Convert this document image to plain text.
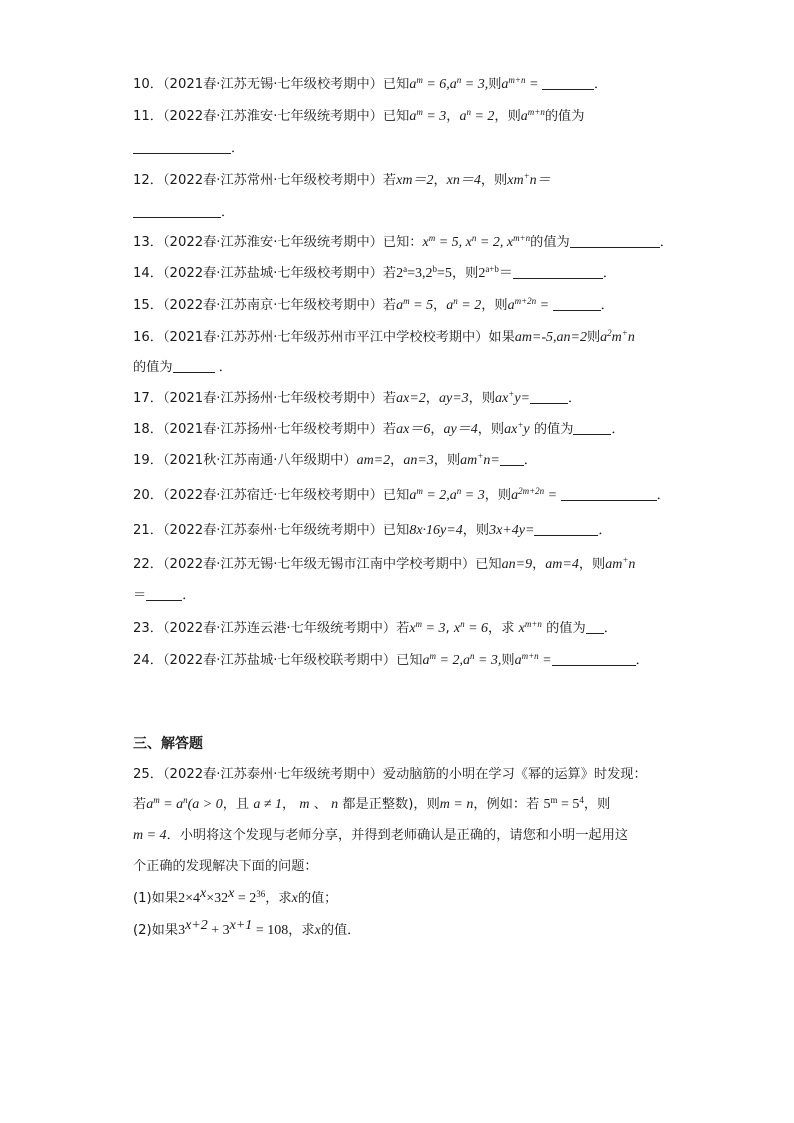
10．（2021春·江苏无锡·七年级校考期中）已知$a^m = 6,a^n = 3$,则$a^{m+n}$ =	．
11．（2022春·江苏淮安·七年级统考期中）已知$a^m = 3$，$a^n = 2$，则$a^{m+n}$的值为
．
12．（2022春·江苏常州·七年级校考期中）若xm＝2，xn＝4，则xm+n＝
．
13．（2022春·江苏淮安·七年级统考期中）已知：$x^m = 5$, $x^n = 2$, $x^{m+n}$的值为	．
14．（2022春·江苏盐城·七年级校考期中）若$2^a=3,2^b=5$，则$2^{a+b}=$	．
15．（2022春·江苏南京·七年级校考期中）若$a^m = 5$，$a^n = 2$，则$a^{m+2n}$ =	．
16．（2021春·江苏苏州·七年级苏州市平江中学校校考期中）如果am=-5,an=2则$a^2m^+n$
的值为	．
17．（2021春·江苏扬州·七年级校考期中）若ax=2，ay=3，则ax+y=	．
18．（2021春·江苏扬州·七年级校考期中）若ax＝6，ay＝4，则ax+y 的值为	．
19．（2021秋·江苏南通·八年级期中）am=2，an=3，则am+n= ．
20．（2022春·江苏宿迁·七年级校考期中）已知$a^m = 2,a^n = 3$，则$a^{2m+2n}$ =	．
21．（2022春·江苏泰州·七年级统考期中）已知8x·16y=4，则3x+4y=	．
22．（2022春·江苏无锡·七年级无锡市江南中学校考期中）已知an=9，am=4，则am+n
＝	．
23．（2022春·江苏连云港·七年级统考期中）若$x^m = 3$, $x^n = 6$，求 $x^{m+n}$ 的值为 ．
24．（2022春·江苏盐城·七年级校联考期中）已知$a^m = 2,a^n = 3$,则$a^{m+n}$ =	．
三、解答题
25．（2022春·江苏泰州·七年级统考期中）爱动脑筋的小明在学习《幂的运算》时发现：
若$a^m = a^n(a > 0$，且 a ≠ 1， m 、 n 都是正整数)，则m = n，例如：若 $5^m = 5^4$，则
m = 4．小明将这个发现与老师分享，并得到老师确认是正确的，请您和小明一起用这
个正确的发现解决下面的问题：
(1)如果$2\times 4^x\times 32^x = 2^{36}$，求x的值；
(2)如果$3^{x+2} + 3^{x+1} = 108$，求x的值．
